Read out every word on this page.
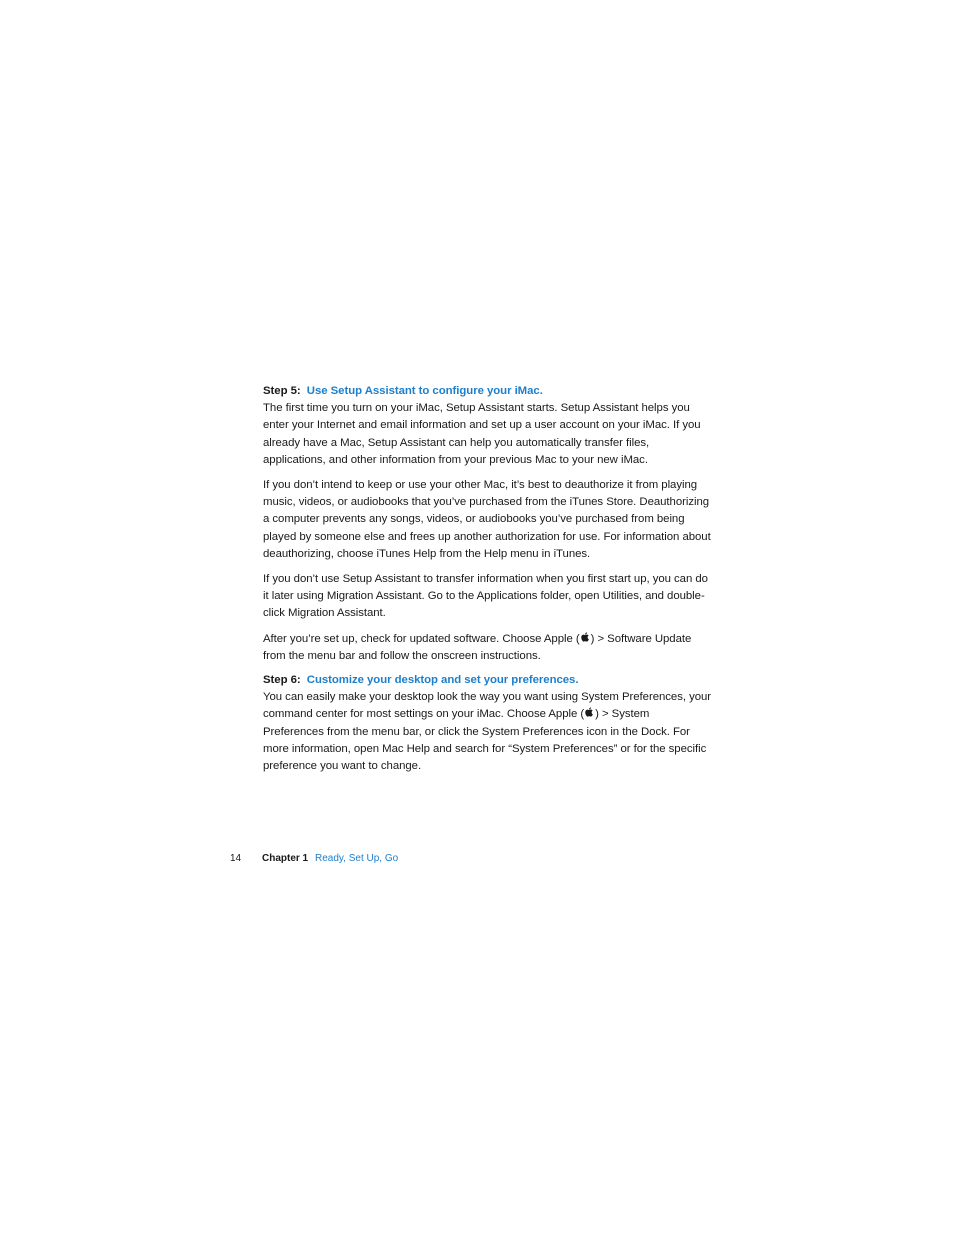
Step 5: Use Setup Assistant to configure your iMac.

The first time you turn on your iMac, Setup Assistant starts. Setup Assistant helps you enter your Internet and email information and set up a user account on your iMac. If you already have a Mac, Setup Assistant can help you automatically transfer files, applications, and other information from your previous Mac to your new iMac.

If you don’t intend to keep or use your other Mac, it’s best to deauthorize it from playing music, videos, or audiobooks that you’ve purchased from the iTunes Store. Deauthorizing a computer prevents any songs, videos, or audiobooks you’ve purchased from being played by someone else and frees up another authorization for use. For information about deauthorizing, choose iTunes Help from the Help menu in iTunes.

If you don’t use Setup Assistant to transfer information when you first start up, you can do it later using Migration Assistant. Go to the Applications folder, open Utilities, and double-click Migration Assistant.

After you’re set up, check for updated software. Choose Apple ( ) > Software Update from the menu bar and follow the onscreen instructions.

Step 6: Customize your desktop and set your preferences.

You can easily make your desktop look the way you want using System Preferences, your command center for most settings on your iMac. Choose Apple ( ) > System Preferences from the menu bar, or click the System Preferences icon in the Dock. For more information, open Mac Help and search for “System Preferences” or for the specific preference you want to change.

14 Chapter 1 Ready, Set Up, Go
